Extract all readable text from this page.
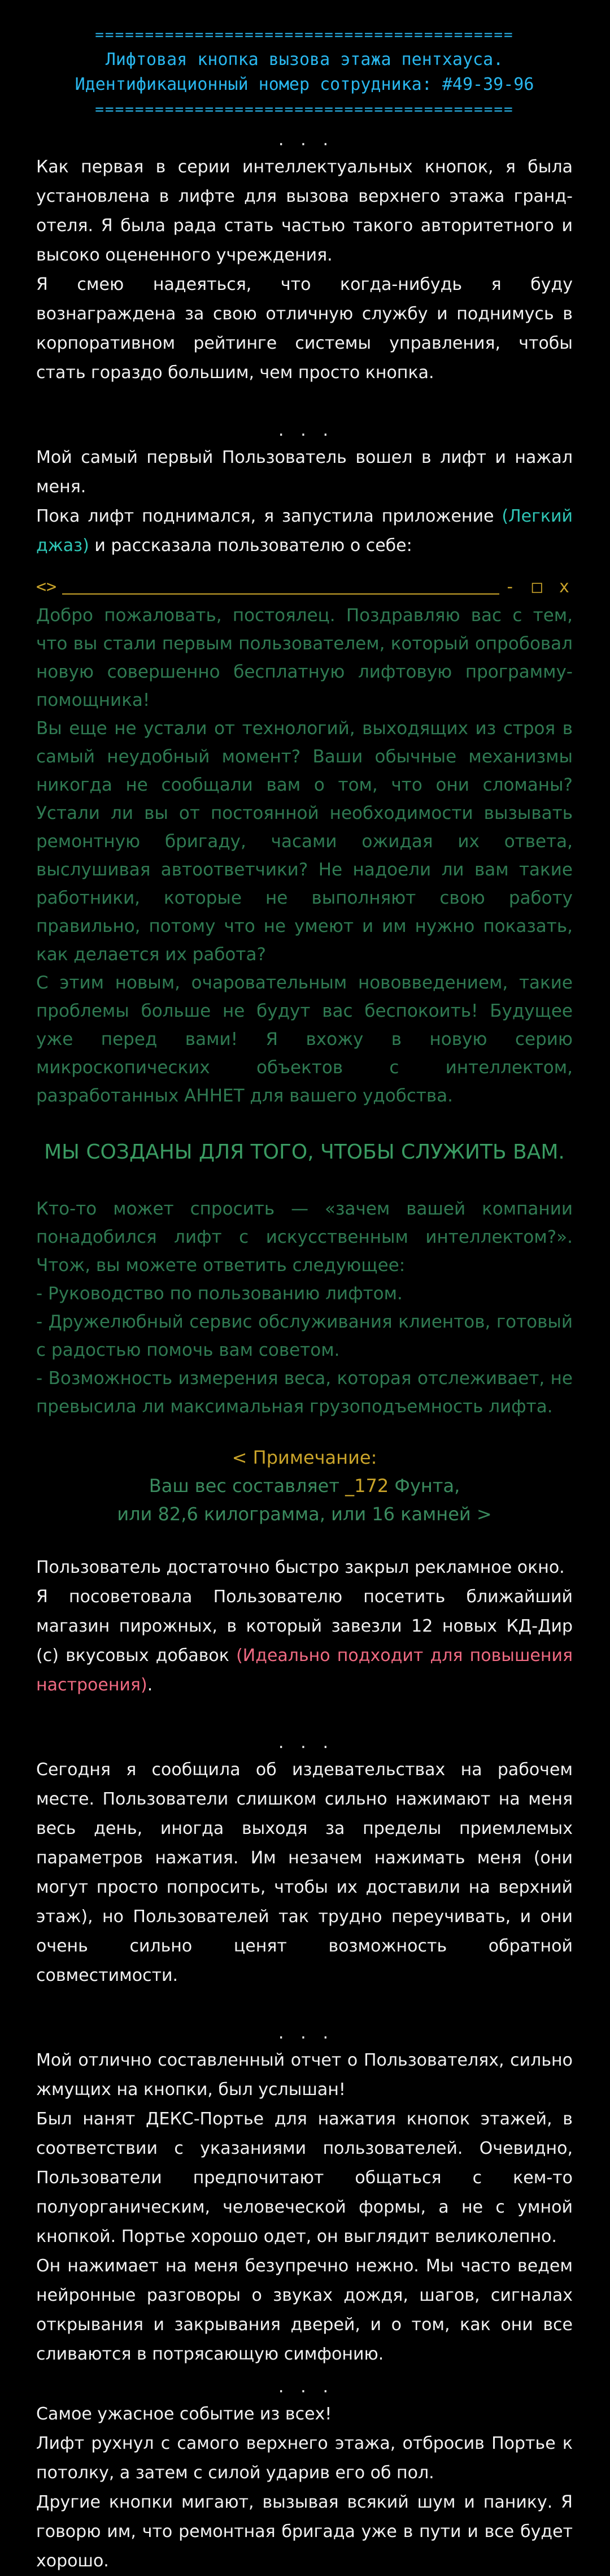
==========================================
Лифтовая кнопка вызова этажа пентхауса.
Идентификационный номер сотрудника: #49-39-96
==========================================
. . .

Как первая в серии интеллектуальных кнопок, я была установлена в лифте для вызова верхнего этажа гранд-отеля. Я была рада стать частью такого авторитетного и высоко оцененного учреждения.

Я смею надеяться, что когда-нибудь я буду вознаграждена за свою отличную службу и поднимусь в корпоративном рейтинге системы управления, чтобы стать гораздо большим, чем просто кнопка.

. . .

Мой самый первый Пользователь вошел в лифт и нажал меня.

Пока лифт поднимался, я запустила приложение (Легкий джаз) и рассказала пользователю о себе:

<>	- □ x

Добро пожаловать, постоялец. Поздравляю вас с тем, что вы стали первым пользователем, который опробовал новую совершенно бесплатную лифтовую программу-помощника!

Вы еще не устали от технологий, выходящих из строя в самый неудобный момент? Ваши обычные механизмы никогда не сообщали вам о том, что они сломаны? Устали ли вы от постоянной необходимости вызывать ремонтную бригаду, часами ожидая их ответа, выслушивая автоответчики? Не надоели ли вам такие работники, которые не выполняют свою работу правильно, потому что не умеют и им нужно показать, как делается их работа?

С этим новым, очаровательным нововведением, такие проблемы больше не будут вас беспокоить! Будущее уже перед вами! Я вхожу в новую серию микроскопических объектов с интеллектом, разработанных АННЕТ для вашего удобства.

МЫ СОЗДАНЫ ДЛЯ ТОГО, ЧТОБЫ СЛУЖИТЬ ВАМ.

Кто-то может спросить — «зачем вашей компании понадобился лифт с искусственным интеллектом?». Чтож, вы можете ответить следующее:

- Руководство по пользованию лифтом.

- Дружелюбный сервис обслуживания клиентов, готовый с радостью помочь вам советом.

- Возможность измерения веса, которая отслеживает, не превысила ли максимальная грузоподъемность лифта.

< Примечание:
Ваш вес составляет _172 Фунта,
или 82,6 килограмма, или 16 камней >

Пользователь достаточно быстро закрыл рекламное окно.

Я посоветовала Пользователю посетить ближайший магазин пирожных, в который завезли 12 новых КД-Дир (с) вкусовых добавок (Идеально подходит для повышения настроения).

. . .

Сегодня я сообщила об издевательствах на рабочем месте. Пользователи слишком сильно нажимают на меня весь день, иногда выходя за пределы приемлемых параметров нажатия. Им незачем нажимать меня (они могут просто попросить, чтобы их доставили на верхний этаж), но Пользователей так трудно переучивать, и они очень сильно ценят возможность обратной совместимости.

. . .

Мой отлично составленный отчет о Пользователях, сильно жмущих на кнопки, был услышан!

Был нанят ДЕКС-Портье для нажатия кнопок этажей, в соответствии с указаниями пользователей. Очевидно, Пользователи предпочитают общаться с кем-то полуорганическим, человеческой формы, а не с умной кнопкой. Портье хорошо одет, он выглядит великолепно.

Он нажимает на меня безупречно нежно. Мы часто ведем нейронные разговоры о звуках дождя, шагов, сигналах открывания и закрывания дверей, и о том, как они все сливаются в потрясающую симфонию.

. . .

Самое ужасное событие из всех!

Лифт рухнул с самого верхнего этажа, отбросив Портье к потолку, а затем с силой ударив его об пол.

Другие кнопки мигают, вызывая всякий шум и панику. Я говорю им, что ремонтная бригада уже в пути и все будет хорошо.
